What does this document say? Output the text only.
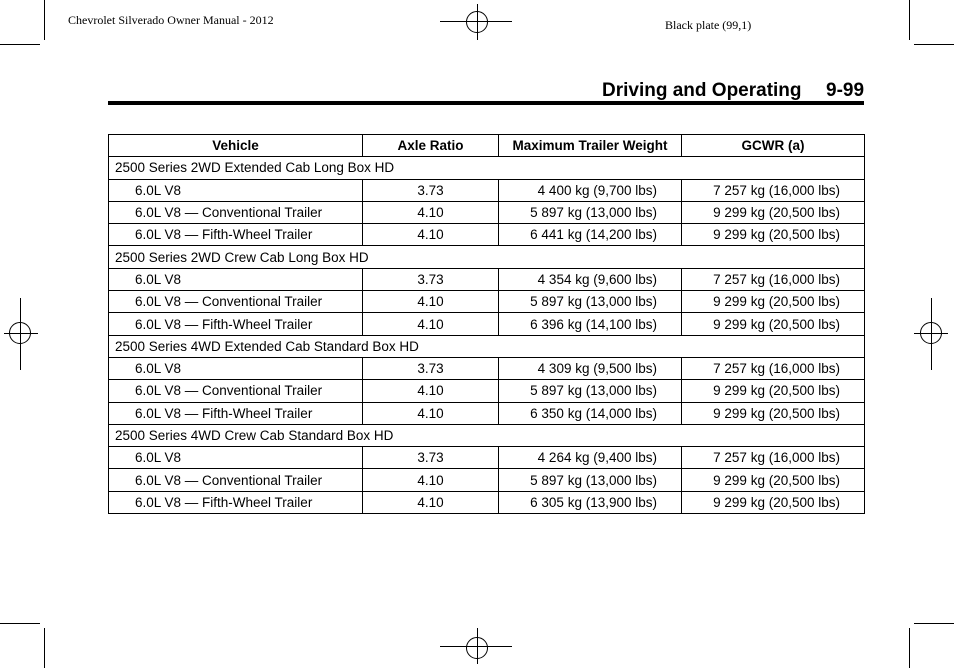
Chevrolet Silverado Owner Manual - 2012	Black plate (99,1)
Driving and Operating 9-99
Vehicle	Axle Ratio	Maximum Trailer Weight	GCWR (a)
2500 Series 2WD Extended Cab Long Box HD			
6.0L V8	3.73	4 400 kg (9,700 lbs)	7 257 kg (16,000 lbs)
6.0L V8 — Conventional Trailer	4.10	5 897 kg (13,000 lbs)	9 299 kg (20,500 lbs)
6.0L V8 — Fifth-Wheel Trailer	4.10	6 441 kg (14,200 lbs)	9 299 kg (20,500 lbs)
2500 Series 2WD Crew Cab Long Box HD			
6.0L V8	3.73	4 354 kg (9,600 lbs)	7 257 kg (16,000 lbs)
6.0L V8 — Conventional Trailer	4.10	5 897 kg (13,000 lbs)	9 299 kg (20,500 lbs)
6.0L V8 — Fifth-Wheel Trailer	4.10	6 396 kg (14,100 lbs)	9 299 kg (20,500 lbs)
2500 Series 4WD Extended Cab Standard Box HD			
6.0L V8	3.73	4 309 kg (9,500 lbs)	7 257 kg (16,000 lbs)
6.0L V8 — Conventional Trailer	4.10	5 897 kg (13,000 lbs)	9 299 kg (20,500 lbs)
6.0L V8 — Fifth-Wheel Trailer	4.10	6 350 kg (14,000 lbs)	9 299 kg (20,500 lbs)
2500 Series 4WD Crew Cab Standard Box HD			
6.0L V8	3.73	4 264 kg (9,400 lbs)	7 257 kg (16,000 lbs)
6.0L V8 — Conventional Trailer	4.10	5 897 kg (13,000 lbs)	9 299 kg (20,500 lbs)
6.0L V8 — Fifth-Wheel Trailer	4.10	6 305 kg (13,900 lbs)	9 299 kg (20,500 lbs)
